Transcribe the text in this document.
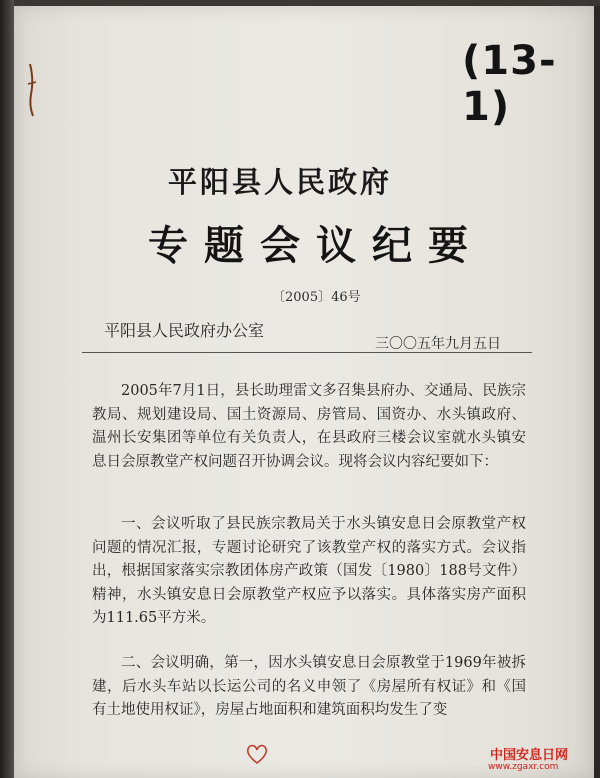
(13-1)
平阳县人民政府
专题会议纪要
〔2005〕46号
平阳县人民政府办公室
三〇〇五年九月五日

2005年7月1日，县长助理雷文多召集县府办、交通局、民族宗教局、规划建设局、国土资源局、房管局、国资办、水头镇政府、温州长安集团等单位有关负责人，在县政府三楼会议室就水头镇安息日会原教堂产权问题召开协调会议。现将会议内容纪要如下：

一、会议听取了县民族宗教局关于水头镇安息日会原教堂产权问题的情况汇报，专题讨论研究了该教堂产权的落实方式。会议指出，根据国家落实宗教团体房产政策（国发〔1980〕188号文件）精神，水头镇安息日会原教堂产权应予以落实。具体落实房产面积为111.65平方米。

二、会议明确，第一，因水头镇安息日会原教堂于1969年被拆建，后水头车站以长运公司的名义申领了《房屋所有权证》和《国有土地使用权证》，房屋占地面积和建筑面积均发生了变

中国安息日网
www.zgaxr.com
